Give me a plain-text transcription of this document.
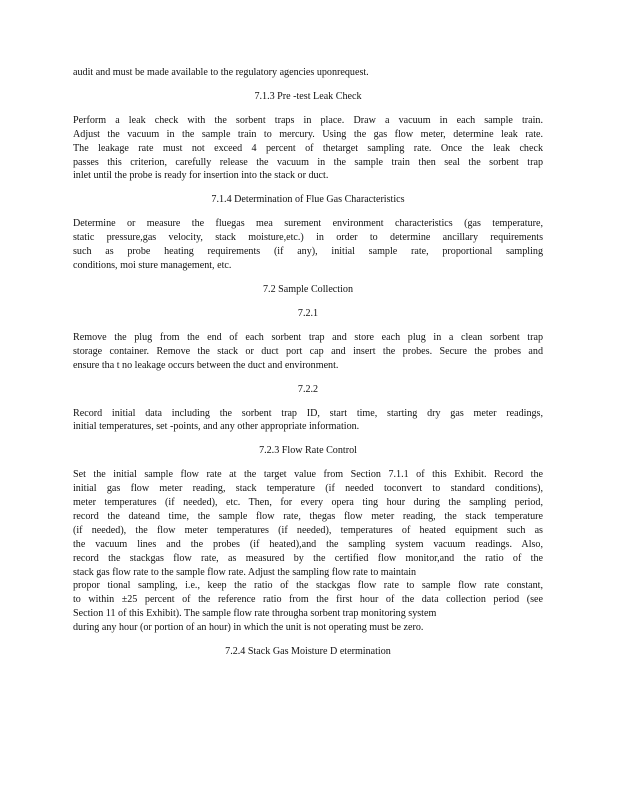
audit and must be made available to the regulatory agencies uponrequest.
7.1.3 Pre -test Leak Check
Perform a leak check with the sorbent traps in place. Draw a vacuum in each sample train.
Adjust the vacuum in the sample train to mercury. Using the gas flow meter, determine leak rate.
The leakage rate must not exceed 4 percent of thetarget sampling rate. Once the leak check
passes this criterion, carefully release the vacuum in the sample train then seal the sorbent trap
inlet until the probe is ready for insertion into the stack or duct.
7.1.4 Determination of Flue Gas Characteristics
Determine or measure the fluegas mea surement environment characteristics (gas temperature,
static pressure,gas velocity, stack moisture,etc.) in order to determine ancillary requirements
such as probe heating requirements (if any), initial sample rate, proportional sampling
conditions, moi sture management, etc.
7.2 Sample Collection
7.2.1
Remove the plug from the end of each sorbent trap and store each plug in a clean sorbent trap
storage container. Remove the stack or duct port cap and insert the probes. Secure the probes and
ensure tha t no leakage occurs between the duct and environment.
7.2.2
Record initial data including the sorbent trap ID, start time, starting dry gas meter readings,
initial temperatures, set -points, and any other appropriate information.
7.2.3 Flow Rate Control
Set the initial sample flow rate at the target value from Section 7.1.1 of this Exhibit. Record the
initial gas flow meter reading, stack temperature (if needed toconvert to standard conditions),
meter temperatures (if needed), etc. Then, for every opera ting hour during the sampling period,
record the dateand time, the sample flow rate, thegas flow meter reading, the stack temperature
(if needed), the flow meter temperatures (if needed), temperatures of heated equipment such as
the vacuum lines and the probes (if heated),and the sampling system vacuum readings. Also,
record the stackgas flow rate, as measured by the certified flow monitor,and the ratio of the
stack gas flow rate to the sample flow rate. Adjust the sampling flow rate to maintain
propor tional sampling, i.e., keep the ratio of the stackgas flow rate to sample flow rate constant,
to within ±25 percent of the reference ratio from the first hour of the data collection period (see
Section 11 of this Exhibit). The sample flow rate througha sorbent trap monitoring system
during any hour (or portion of an hour) in which the unit is not operating must be zero.
7.2.4 Stack Gas Moisture D etermination
